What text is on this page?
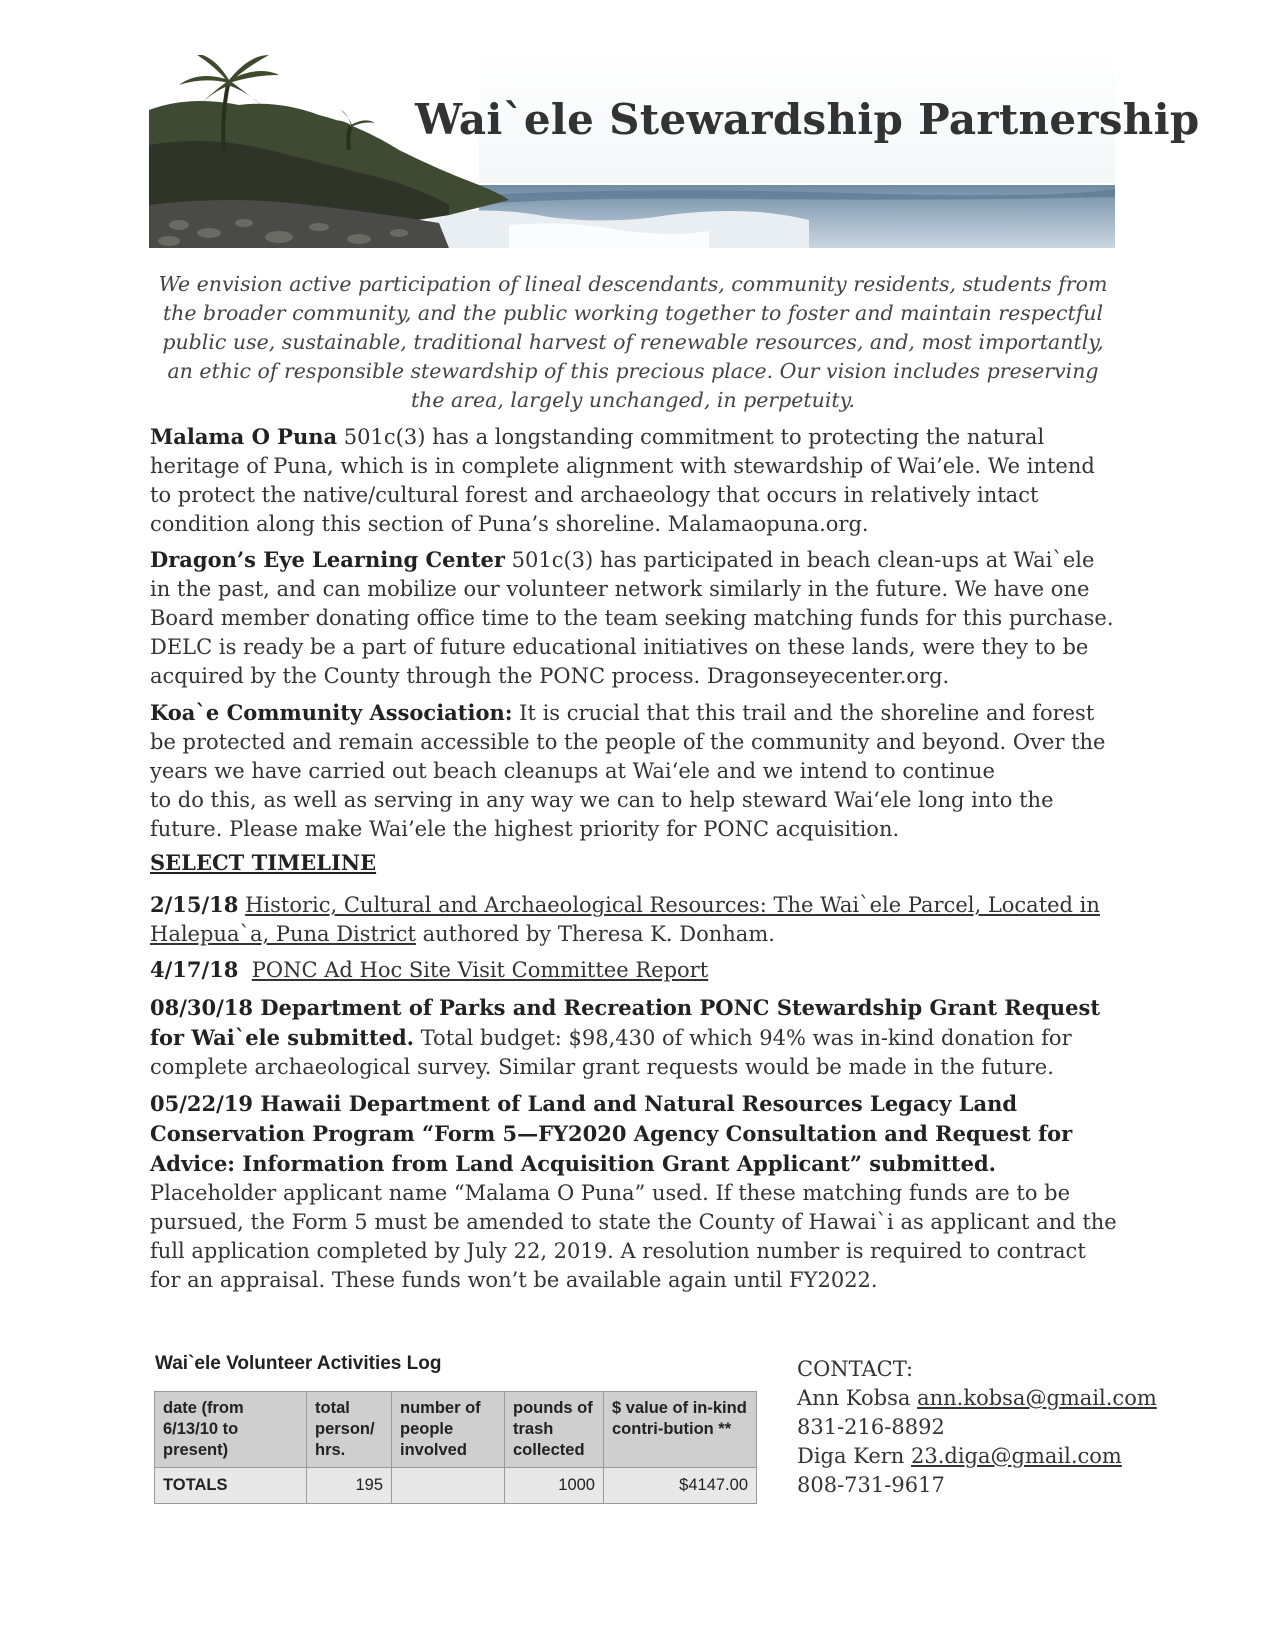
Wai`ele Stewardship Partnership
We envision active participation of lineal descendants, community residents, students from the broader community, and the public working together to foster and maintain respectful public use, sustainable, traditional harvest of renewable resources, and, most importantly, an ethic of responsible stewardship of this precious place. Our vision includes preserving the area, largely unchanged, in perpetuity.
Malama O Puna 501c(3) has a longstanding commitment to protecting the natural heritage of Puna, which is in complete alignment with stewardship of Wai’ele. We intend to protect the native/cultural forest and archaeology that occurs in relatively intact condition along this section of Puna’s shoreline. Malamaopuna.org.
Dragon’s Eye Learning Center 501c(3) has participated in beach clean-ups at Wai`ele in the past, and can mobilize our volunteer network similarly in the future. We have one Board member donating office time to the team seeking matching funds for this purchase. DELC is ready be a part of future educational initiatives on these lands, were they to be acquired by the County through the PONC process. Dragonseyecenter.org.
Koa`e Community Association: It is crucial that this trail and the shoreline and forest be protected and remain accessible to the people of the community and beyond. Over the years we have carried out beach cleanups at Wai‘ele and we intend to continue
to do this, as well as serving in any way we can to help steward Wai‘ele long into the future. Please make Wai’ele the highest priority for PONC acquisition.
SELECT TIMELINE
2/15/18 Historic, Cultural and Archaeological Resources: The Wai`ele Parcel, Located in Halepua`a, Puna District authored by Theresa K. Donham.
4/17/18 PONC Ad Hoc Site Visit Committee Report
08/30/18 Department of Parks and Recreation PONC Stewardship Grant Request for Wai`ele submitted. Total budget: $98,430 of which 94% was in-kind donation for complete archaeological survey. Similar grant requests would be made in the future.
05/22/19 Hawaii Department of Land and Natural Resources Legacy Land Conservation Program “Form 5—FY2020 Agency Consultation and Request for Advice: Information from Land Acquisition Grant Applicant” submitted. Placeholder applicant name “Malama O Puna” used. If these matching funds are to be pursued, the Form 5 must be amended to state the County of Hawai`i as applicant and the full application completed by July 22, 2019. A resolution number is required to contract for an appraisal. These funds won’t be available again until FY2022.
Wai`ele Volunteer Activities Log
date (from 6/13/10 to present)	total person/ hrs.	number of people involved	pounds of trash collected	$ value of in-kind contri-bution **
TOTALS	195		1000	$4147.00
CONTACT:
Ann Kobsa ann.kobsa@gmail.com
831-216-8892
Diga Kern 23.diga@gmail.com
808-731-9617
